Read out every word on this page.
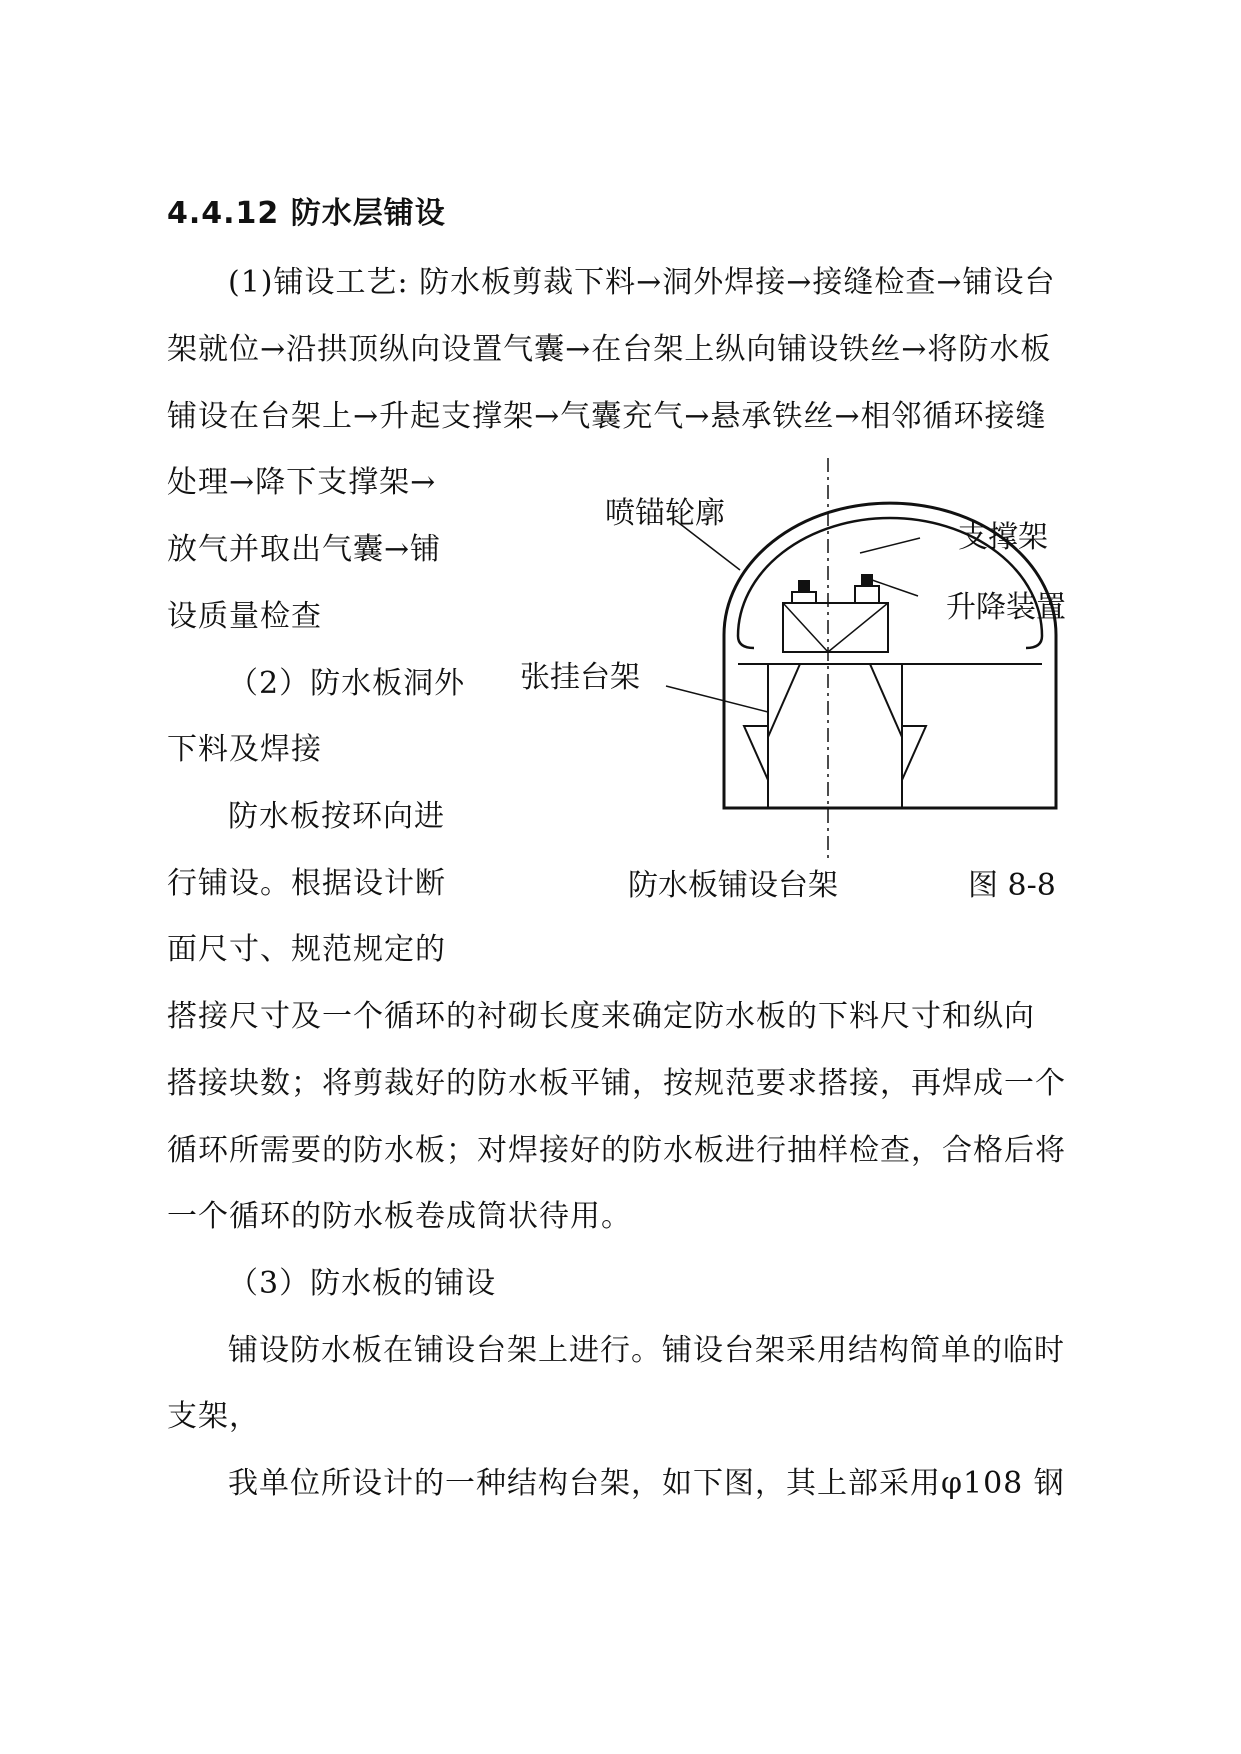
4.4.12 防水层铺设
(1)铺设工艺: 防水板剪裁下料→洞外焊接→接缝检查→铺设台
架就位→沿拱顶纵向设置气囊→在台架上纵向铺设铁丝→将防水板
铺设在台架上→升起支撑架→气囊充气→悬承铁丝→相邻循环接缝
处理→降下支撑架→
放气并取出气囊→铺
设质量检查
（2）防水板洞外
下料及焊接
防水板按环向进
行铺设。根据设计断
面尺寸、规范规定的
搭接尺寸及一个循环的衬砌长度来确定防水板的下料尺寸和纵向
搭接块数；将剪裁好的防水板平铺，按规范要求搭接，再焊成一个
循环所需要的防水板；对焊接好的防水板进行抽样检查，合格后将
一个循环的防水板卷成筒状待用。
（3）防水板的铺设
铺设防水板在铺设台架上进行。铺设台架采用结构简单的临时
支架，
我单位所设计的一种结构台架，如下图，其上部采用φ108 钢
喷锚轮廓
支撑架
升降装置
张挂台架
防水板铺设台架	图 8-8
